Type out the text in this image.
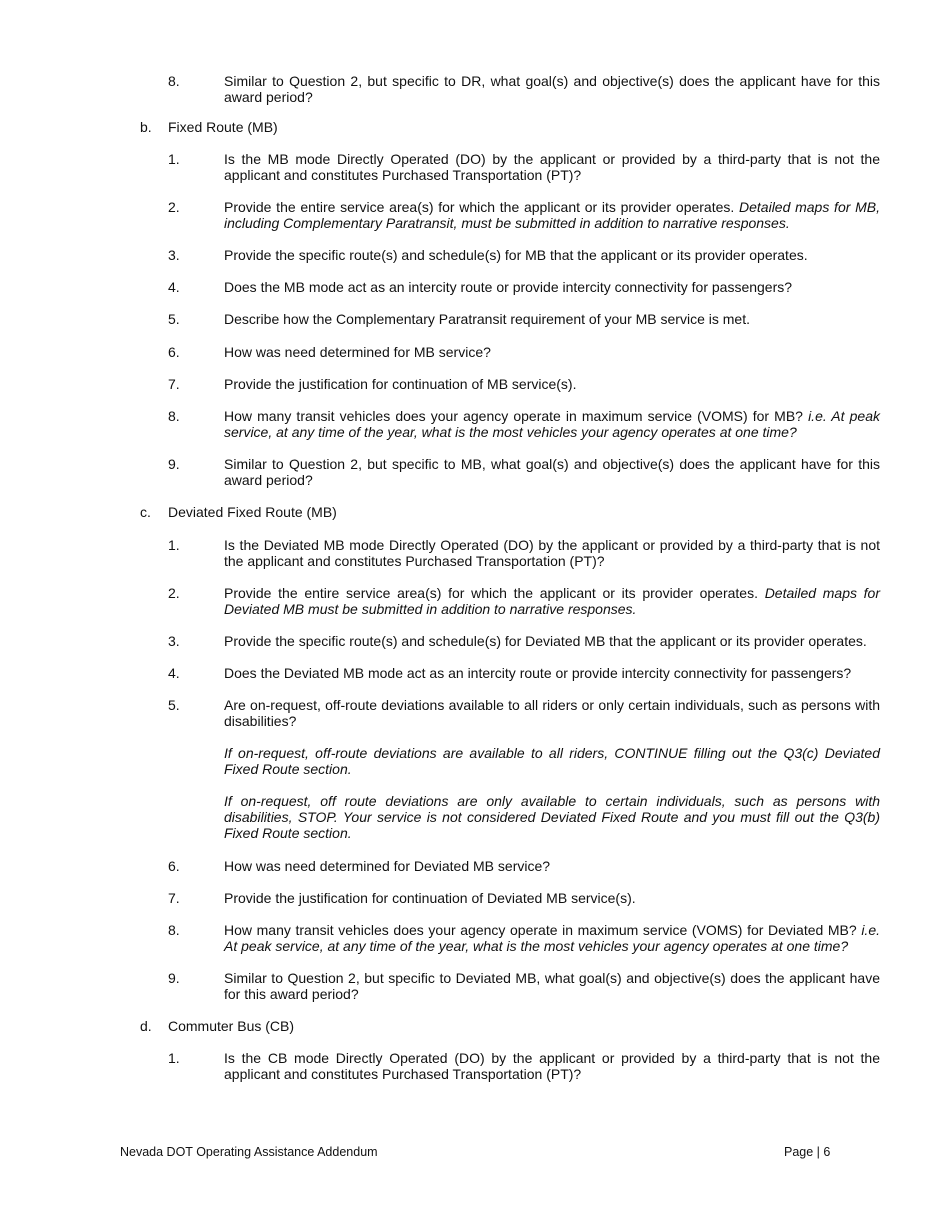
8.	Similar to Question 2, but specific to DR, what goal(s) and objective(s) does the applicant have for this award period?
b. Fixed Route (MB)
1.	Is the MB mode Directly Operated (DO) by the applicant or provided by a third-party that is not the applicant and constitutes Purchased Transportation (PT)?
2.	Provide the entire service area(s) for which the applicant or its provider operates. Detailed maps for MB, including Complementary Paratransit, must be submitted in addition to narrative responses.
3.	Provide the specific route(s) and schedule(s) for MB that the applicant or its provider operates.
4.	Does the MB mode act as an intercity route or provide intercity connectivity for passengers?
5.	Describe how the Complementary Paratransit requirement of your MB service is met.
6.	How was need determined for MB service?
7.	Provide the justification for continuation of MB service(s).
8.	How many transit vehicles does your agency operate in maximum service (VOMS) for MB? i.e. At peak service, at any time of the year, what is the most vehicles your agency operates at one time?
9.	Similar to Question 2, but specific to MB, what goal(s) and objective(s) does the applicant have for this award period?
c. Deviated Fixed Route (MB)
1.	Is the Deviated MB mode Directly Operated (DO) by the applicant or provided by a third-party that is not the applicant and constitutes Purchased Transportation (PT)?
2.	Provide the entire service area(s) for which the applicant or its provider operates. Detailed maps for Deviated MB must be submitted in addition to narrative responses.
3.	Provide the specific route(s) and schedule(s) for Deviated MB that the applicant or its provider operates.
4.	Does the Deviated MB mode act as an intercity route or provide intercity connectivity for passengers?
5.	Are on-request, off-route deviations available to all riders or only certain individuals, such as persons with disabilities?
If on-request, off-route deviations are available to all riders, CONTINUE filling out the Q3(c) Deviated Fixed Route section.
If on-request, off route deviations are only available to certain individuals, such as persons with disabilities, STOP. Your service is not considered Deviated Fixed Route and you must fill out the Q3(b) Fixed Route section.
6.	How was need determined for Deviated MB service?
7.	Provide the justification for continuation of Deviated MB service(s).
8.	How many transit vehicles does your agency operate in maximum service (VOMS) for Deviated MB? i.e. At peak service, at any time of the year, what is the most vehicles your agency operates at one time?
9.	Similar to Question 2, but specific to Deviated MB, what goal(s) and objective(s) does the applicant have for this award period?
d. Commuter Bus (CB)
1.	Is the CB mode Directly Operated (DO) by the applicant or provided by a third-party that is not the applicant and constitutes Purchased Transportation (PT)?
Nevada DOT Operating Assistance Addendum	Page | 6
